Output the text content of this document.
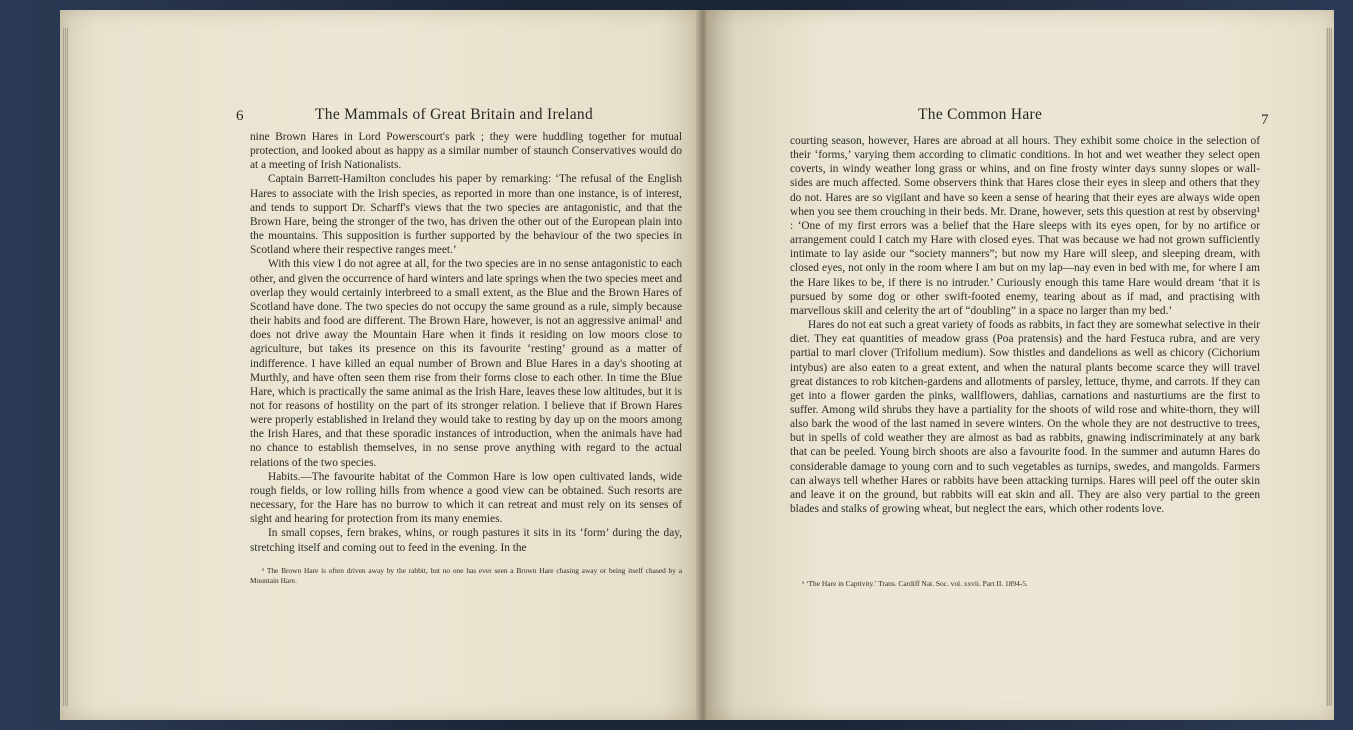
6	The Mammals of Great Britain and Ireland

nine Brown Hares in Lord Powerscourt's park ; they were huddling together for mutual protection, and looked about as happy as a similar number of staunch Conservatives would do at a meeting of Irish Nationalists.

Captain Barrett-Hamilton concludes his paper by remarking: ‘The refusal of the English Hares to associate with the Irish species, as reported in more than one instance, is of interest, and tends to support Dr. Scharff's views that the two species are antagonistic, and that the Brown Hare, being the stronger of the two, has driven the other out of the European plain into the mountains. This supposition is further supported by the behaviour of the two species in Scotland where their respective ranges meet.’

With this view I do not agree at all, for the two species are in no sense antagonistic to each other, and given the occurrence of hard winters and late springs when the two species meet and overlap they would certainly interbreed to a small extent, as the Blue and the Brown Hares of Scotland have done. The two species do not occupy the same ground as a rule, simply because their habits and food are different. The Brown Hare, however, is not an aggressive animal¹ and does not drive away the Mountain Hare when it finds it residing on low moors close to agriculture, but takes its presence on this its favourite ‘resting’ ground as a matter of indifference. I have killed an equal number of Brown and Blue Hares in a day's shooting at Murthly, and have often seen them rise from their forms close to each other. In time the Blue Hare, which is practically the same animal as the Irish Hare, leaves these low altitudes, but it is not for reasons of hostility on the part of its stronger relation. I believe that if Brown Hares were properly established in Ireland they would take to resting by day up on the moors among the Irish Hares, and that these sporadic instances of introduction, when the animals have had no chance to establish themselves, in no sense prove anything with regard to the actual relations of the two species.

Habits.—The favourite habitat of the Common Hare is low open cultivated lands, wide rough fields, or low rolling hills from whence a good view can be obtained. Such resorts are necessary, for the Hare has no burrow to which it can retreat and must rely on its senses of sight and hearing for protection from its many enemies.

In small copses, fern brakes, whins, or rough pastures it sits in its ‘form’ during the day, stretching itself and coming out to feed in the evening. In the

¹ The Brown Hare is often driven away by the rabbit, but no one has ever seen a Brown Hare chasing away or being itself chased by a Mountain Hare.

The Common Hare	7

courting season, however, Hares are abroad at all hours. They exhibit some choice in the selection of their ‘forms,’ varying them according to climatic conditions. In hot and wet weather they select open coverts, in windy weather long grass or whins, and on fine frosty winter days sunny slopes or wall-sides are much affected. Some observers think that Hares close their eyes in sleep and others that they do not. Hares are so vigilant and have so keen a sense of hearing that their eyes are always wide open when you see them crouching in their beds. Mr. Drane, however, sets this question at rest by observing¹ : ‘One of my first errors was a belief that the Hare sleeps with its eyes open, for by no artifice or arrangement could I catch my Hare with closed eyes. That was because we had not grown sufficiently intimate to lay aside our “society manners”; but now my Hare will sleep, and sleeping dream, with closed eyes, not only in the room where I am but on my lap—nay even in bed with me, for where I am the Hare likes to be, if there is no intruder.’ Curiously enough this tame Hare would dream ‘that it is pursued by some dog or other swift-footed enemy, tearing about as if mad, and practising with marvellous skill and celerity the art of “doubling” in a space no larger than my bed.’

Hares do not eat such a great variety of foods as rabbits, in fact they are somewhat selective in their diet. They eat quantities of meadow grass (Poa pratensis) and the hard Festuca rubra, and are very partial to marl clover (Trifolium medium). Sow thistles and dandelions as well as chicory (Cichorium intybus) are also eaten to a great extent, and when the natural plants become scarce they will travel great distances to rob kitchen-gardens and allotments of parsley, lettuce, thyme, and carrots. If they can get into a flower garden the pinks, wallflowers, dahlias, carnations and nasturtiums are the first to suffer. Among wild shrubs they have a partiality for the shoots of wild rose and white-thorn, they will also bark the wood of the last named in severe winters. On the whole they are not destructive to trees, but in spells of cold weather they are almost as bad as rabbits, gnawing indiscriminately at any bark that can be peeled. Young birch shoots are also a favourite food. In the summer and autumn Hares do considerable damage to young corn and to such vegetables as turnips, swedes, and mangolds. Farmers can always tell whether Hares or rabbits have been attacking turnips. Hares will peel off the outer skin and leave it on the ground, but rabbits will eat skin and all. They are also very partial to the green blades and stalks of growing wheat, but neglect the ears, which other rodents love.

¹ ‘The Hare in Captivity.’ Trans. Cardiff Nat. Soc. vol. xxvii. Part II. 1894-5.
